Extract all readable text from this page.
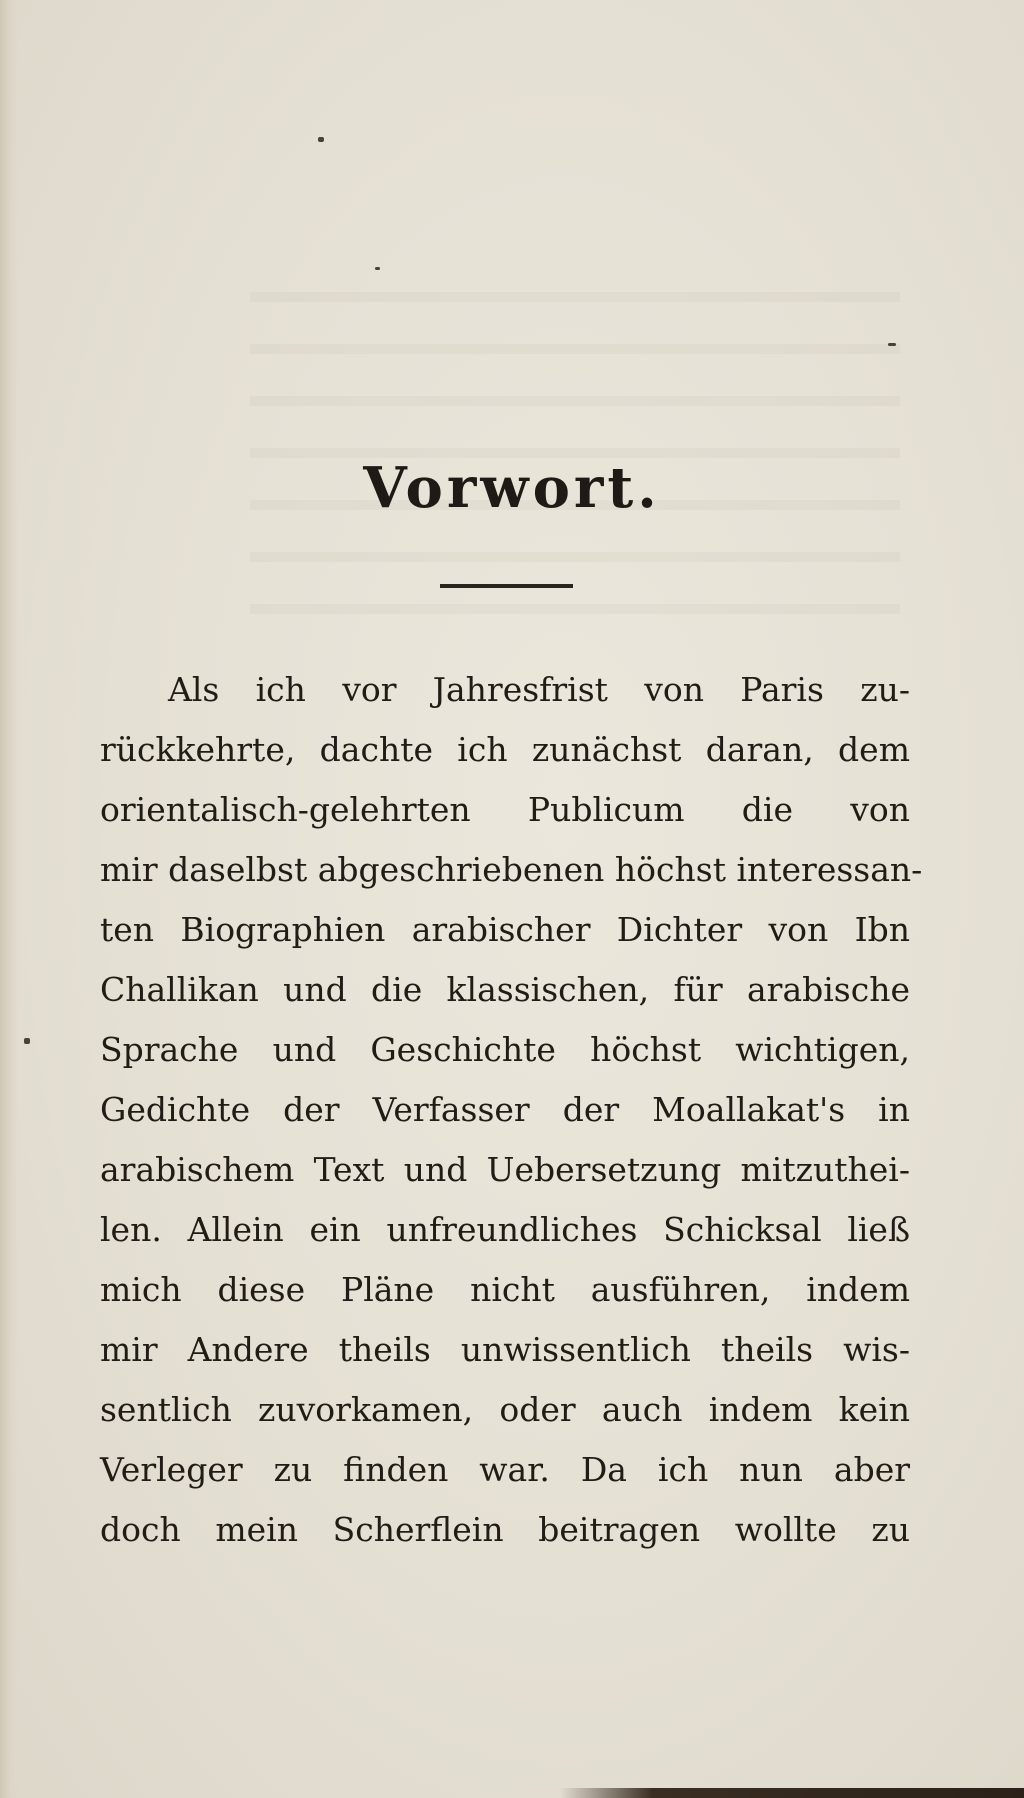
Vorwort.
Als ich vor Jahresfrist von Paris zu-
rückkehrte, dachte ich zunächst daran, dem
orientalisch-gelehrten Publicum die von
mir daselbst abgeschriebenen höchst interessan-
ten Biographien arabischer Dichter von Ibn
Challikan und die klassischen, für arabische
Sprache und Geschichte höchst wichtigen,
Gedichte der Verfasser der Moallakat's in
arabischem Text und Uebersetzung mitzuthei-
len. Allein ein unfreundliches Schicksal ließ
mich diese Pläne nicht ausführen, indem
mir Andere theils unwissentlich theils wis-
sentlich zuvorkamen, oder auch indem kein
Verleger zu finden war. Da ich nun aber
doch mein Scherflein beitragen wollte zu
